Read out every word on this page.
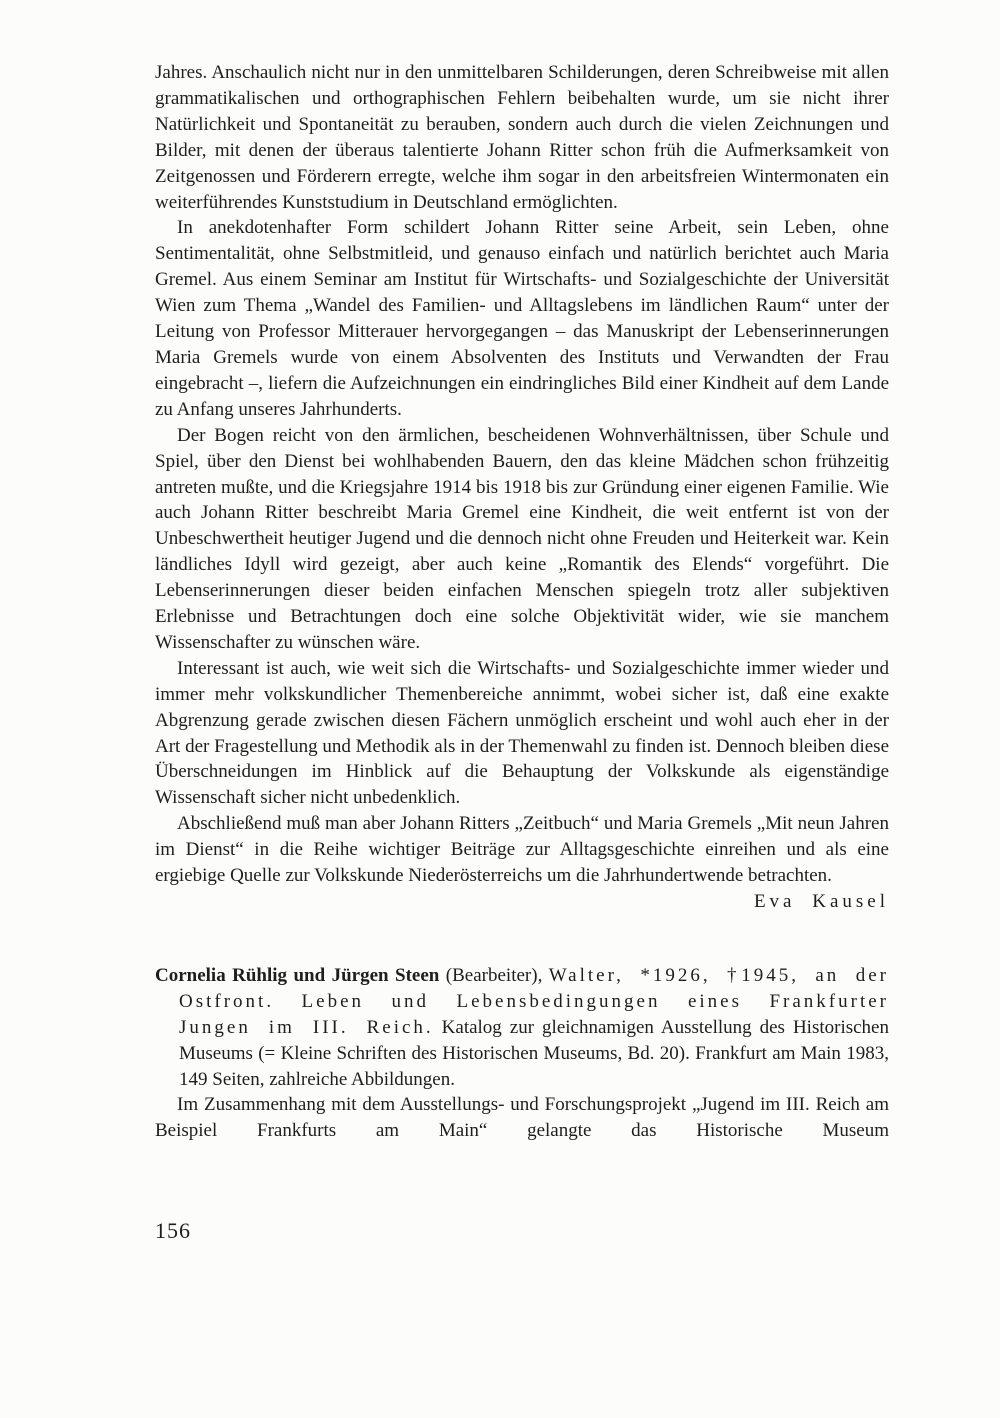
Jahres. Anschaulich nicht nur in den unmittelbaren Schilderungen, deren Schreibweise mit allen grammatikalischen und orthographischen Fehlern beibehalten wurde, um sie nicht ihrer Natürlichkeit und Spontaneität zu berauben, sondern auch durch die vielen Zeichnungen und Bilder, mit denen der überaus talentierte Johann Ritter schon früh die Aufmerksamkeit von Zeitgenossen und Förderern erregte, welche ihm sogar in den arbeitsfreien Wintermonaten ein weiterführendes Kunststudium in Deutschland ermöglichten.

In anekdotenhafter Form schildert Johann Ritter seine Arbeit, sein Leben, ohne Sentimentalität, ohne Selbstmitleid, und genauso einfach und natürlich berichtet auch Maria Gremel. Aus einem Seminar am Institut für Wirtschafts- und Sozialgeschichte der Universität Wien zum Thema „Wandel des Familien- und Alltagslebens im ländlichen Raum“ unter der Leitung von Professor Mitterauer hervorgegangen – das Manuskript der Lebenserinnerungen Maria Gremels wurde von einem Absolventen des Instituts und Verwandten der Frau eingebracht –, liefern die Aufzeichnungen ein eindringliches Bild einer Kindheit auf dem Lande zu Anfang unseres Jahrhunderts.

Der Bogen reicht von den ärmlichen, bescheidenen Wohnverhältnissen, über Schule und Spiel, über den Dienst bei wohlhabenden Bauern, den das kleine Mädchen schon frühzeitig antreten mußte, und die Kriegsjahre 1914 bis 1918 bis zur Gründung einer eigenen Familie. Wie auch Johann Ritter beschreibt Maria Gremel eine Kindheit, die weit entfernt ist von der Unbeschwertheit heutiger Jugend und die dennoch nicht ohne Freuden und Heiterkeit war. Kein ländliches Idyll wird gezeigt, aber auch keine „Romantik des Elends“ vorgeführt. Die Lebenserinnerungen dieser beiden einfachen Menschen spiegeln trotz aller subjektiven Erlebnisse und Betrachtungen doch eine solche Objektivität wider, wie sie manchem Wissenschafter zu wünschen wäre.

Interessant ist auch, wie weit sich die Wirtschafts- und Sozialgeschichte immer wieder und immer mehr volkskundlicher Themenbereiche annimmt, wobei sicher ist, daß eine exakte Abgrenzung gerade zwischen diesen Fächern unmöglich erscheint und wohl auch eher in der Art der Fragestellung und Methodik als in der Themenwahl zu finden ist. Dennoch bleiben diese Überschneidungen im Hinblick auf die Behauptung der Volkskunde als eigenständige Wissenschaft sicher nicht unbedenklich.

Abschließend muß man aber Johann Ritters „Zeitbuch“ und Maria Gremels „Mit neun Jahren im Dienst“ in die Reihe wichtiger Beiträge zur Alltagsgeschichte einreihen und als eine ergiebige Quelle zur Volkskunde Niederösterreichs um die Jahrhundertwende betrachten.

Eva Kausel

Cornelia Rühlig und Jürgen Steen (Bearbeiter), Walter, *1926, †1945, an der Ostfront. Leben und Lebensbedingungen eines Frankfurter Jungen im III. Reich. Katalog zur gleichnamigen Ausstellung des Historischen Museums (= Kleine Schriften des Historischen Museums, Bd. 20). Frankfurt am Main 1983, 149 Seiten, zahlreiche Abbildungen.

Im Zusammenhang mit dem Ausstellungs- und Forschungsprojekt „Jugend im III. Reich am Beispiel Frankfurts am Main“ gelangte das Historische Museum

156
